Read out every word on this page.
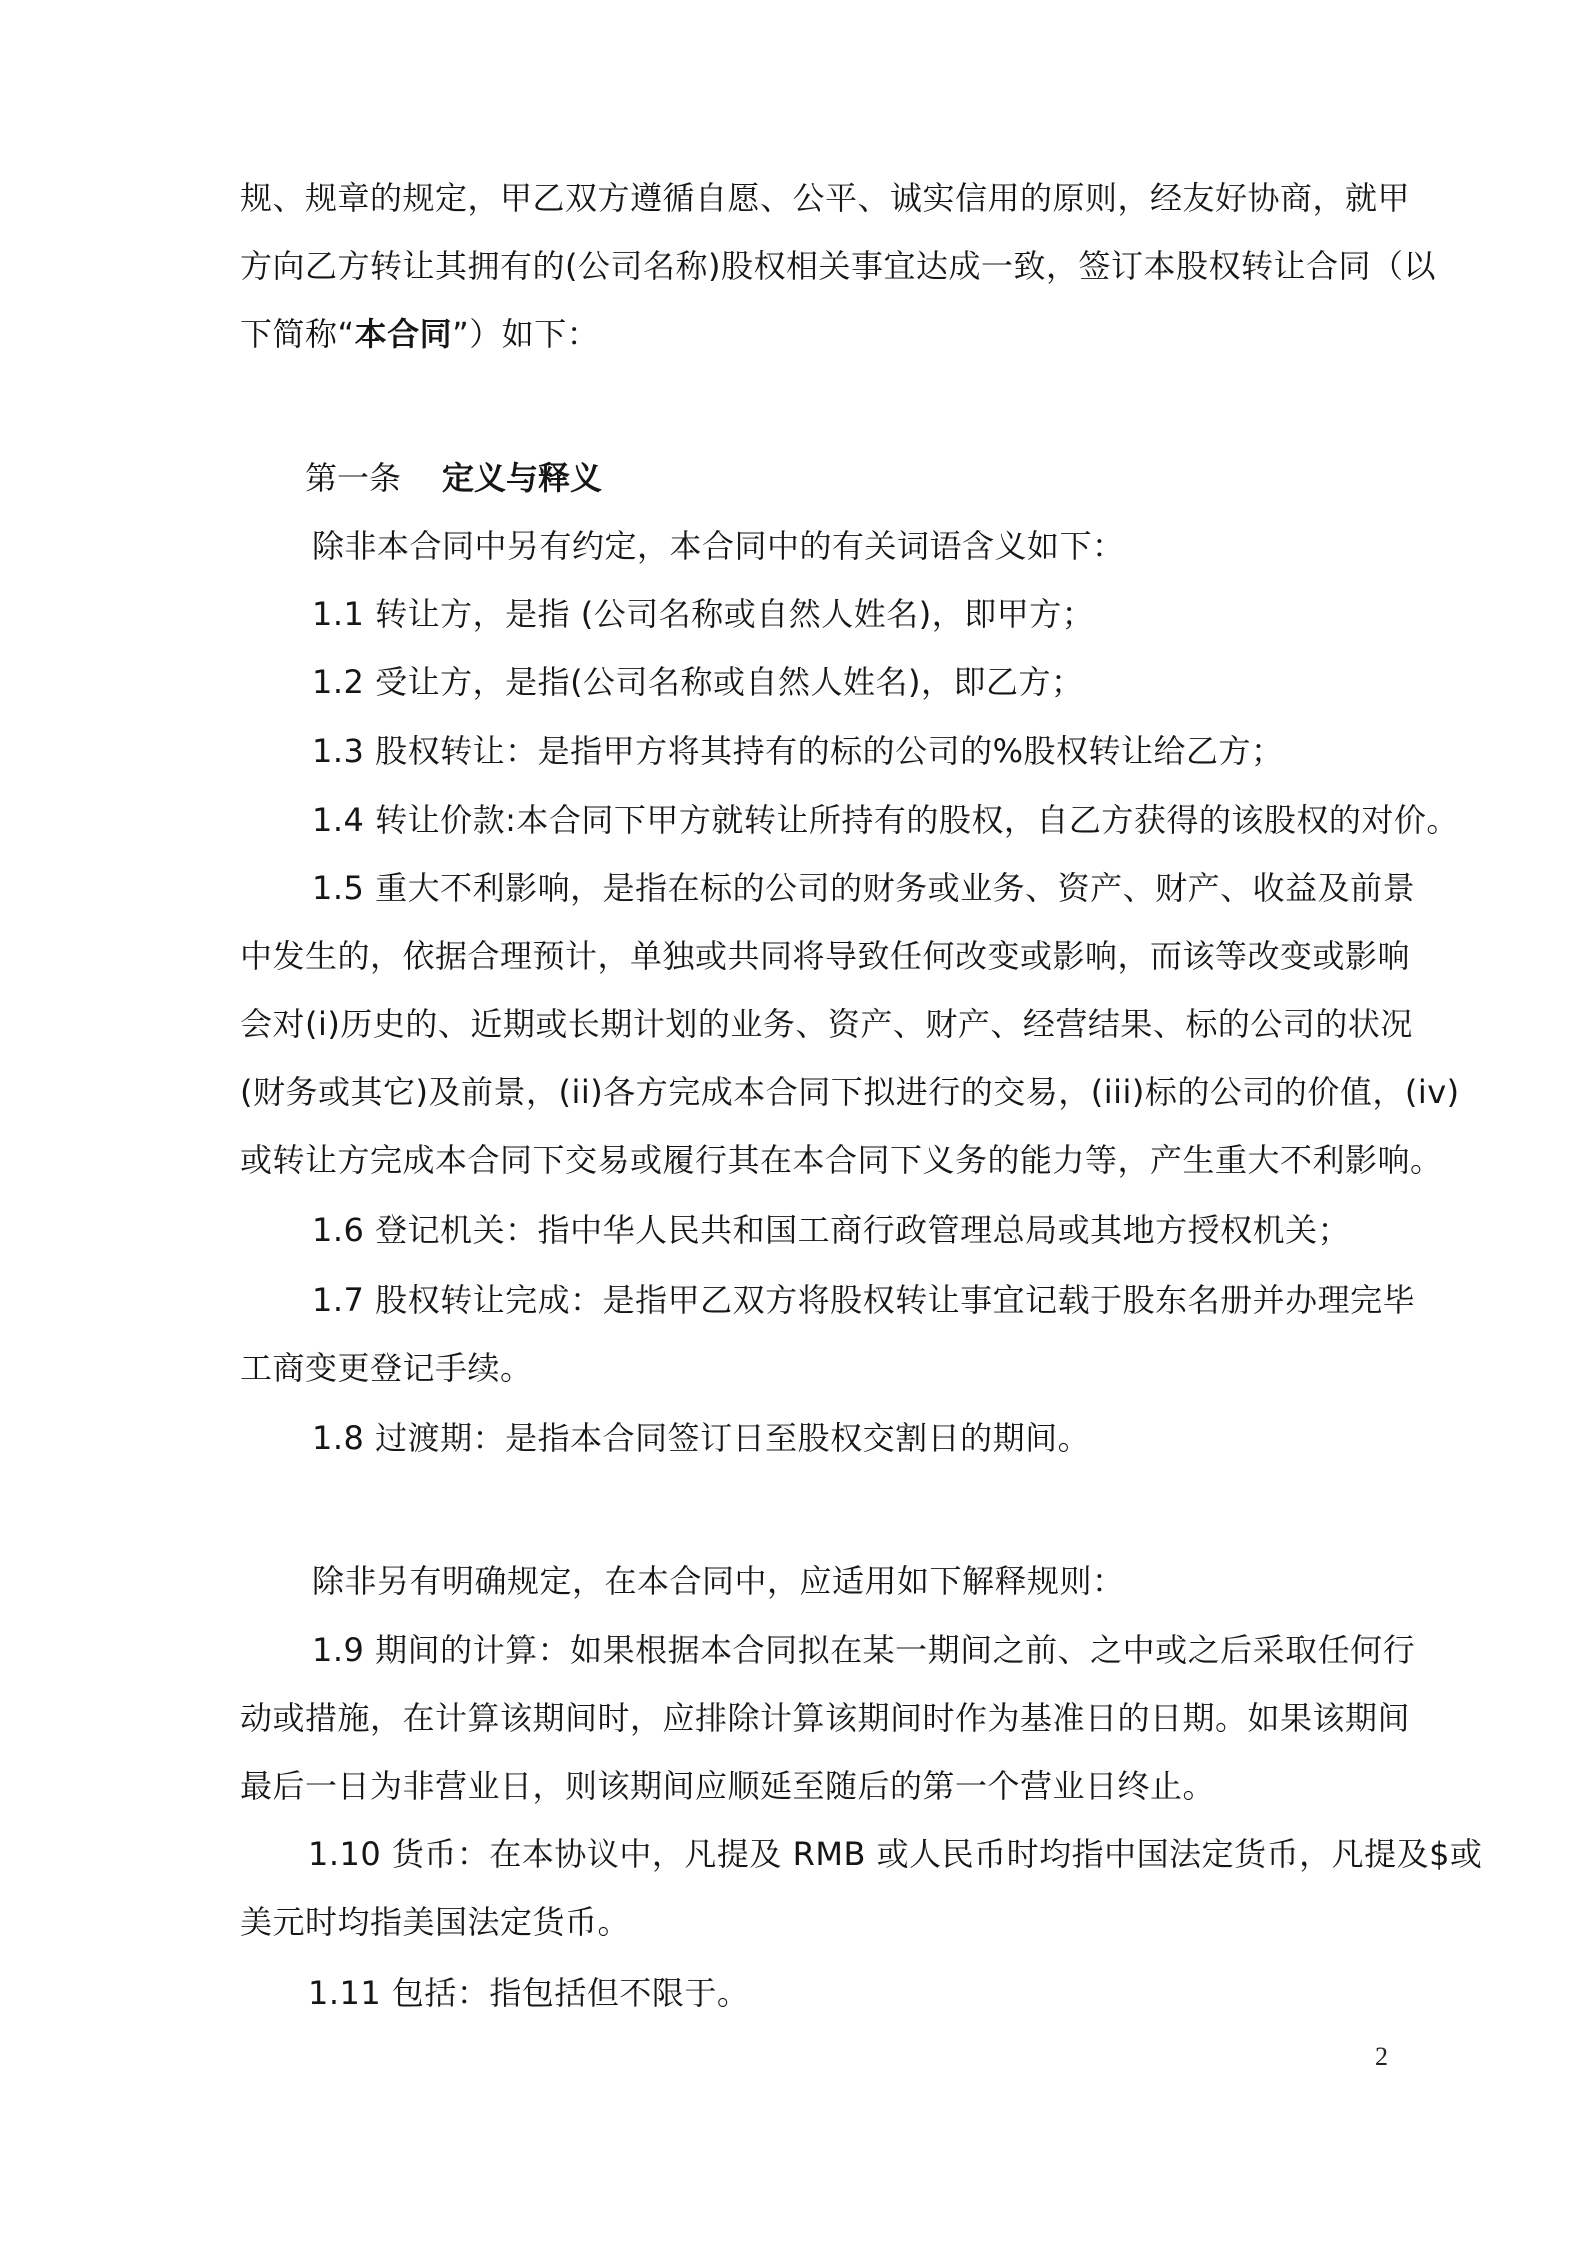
规、规章的规定，甲乙双方遵循自愿、公平、诚实信用的原则，经友好协商，就甲
方向乙方转让其拥有的(公司名称)股权相关事宜达成一致，签订本股权转让合同（以
下简称“本合同”）如下：
第一条 定义与释义
除非本合同中另有约定，本合同中的有关词语含义如下：
1.1 转让方，是指 (公司名称或自然人姓名)，即甲方；
1.2 受让方，是指(公司名称或自然人姓名)，即乙方；
1.3 股权转让：是指甲方将其持有的标的公司的%股权转让给乙方；
1.4 转让价款:本合同下甲方就转让所持有的股权，自乙方获得的该股权的对价。
1.5 重大不利影响，是指在标的公司的财务或业务、资产、财产、收益及前景
中发生的，依据合理预计，单独或共同将导致任何改变或影响，而该等改变或影响
会对(i)历史的、近期或长期计划的业务、资产、财产、经营结果、标的公司的状况
(财务或其它)及前景，(ii)各方完成本合同下拟进行的交易，(iii)标的公司的价值，(iv)
或转让方完成本合同下交易或履行其在本合同下义务的能力等，产生重大不利影响。
1.6 登记机关：指中华人民共和国工商行政管理总局或其地方授权机关；
1.7 股权转让完成：是指甲乙双方将股权转让事宜记载于股东名册并办理完毕
工商变更登记手续。
1.8 过渡期：是指本合同签订日至股权交割日的期间。
除非另有明确规定，在本合同中，应适用如下解释规则：
1.9 期间的计算：如果根据本合同拟在某一期间之前、之中或之后采取任何行
动或措施，在计算该期间时，应排除计算该期间时作为基准日的日期。如果该期间
最后一日为非营业日，则该期间应顺延至随后的第一个营业日终止。
1.10 货币：在本协议中，凡提及 RMB 或人民币时均指中国法定货币，凡提及$或
美元时均指美国法定货币。
1.11 包括：指包括但不限于。
2
